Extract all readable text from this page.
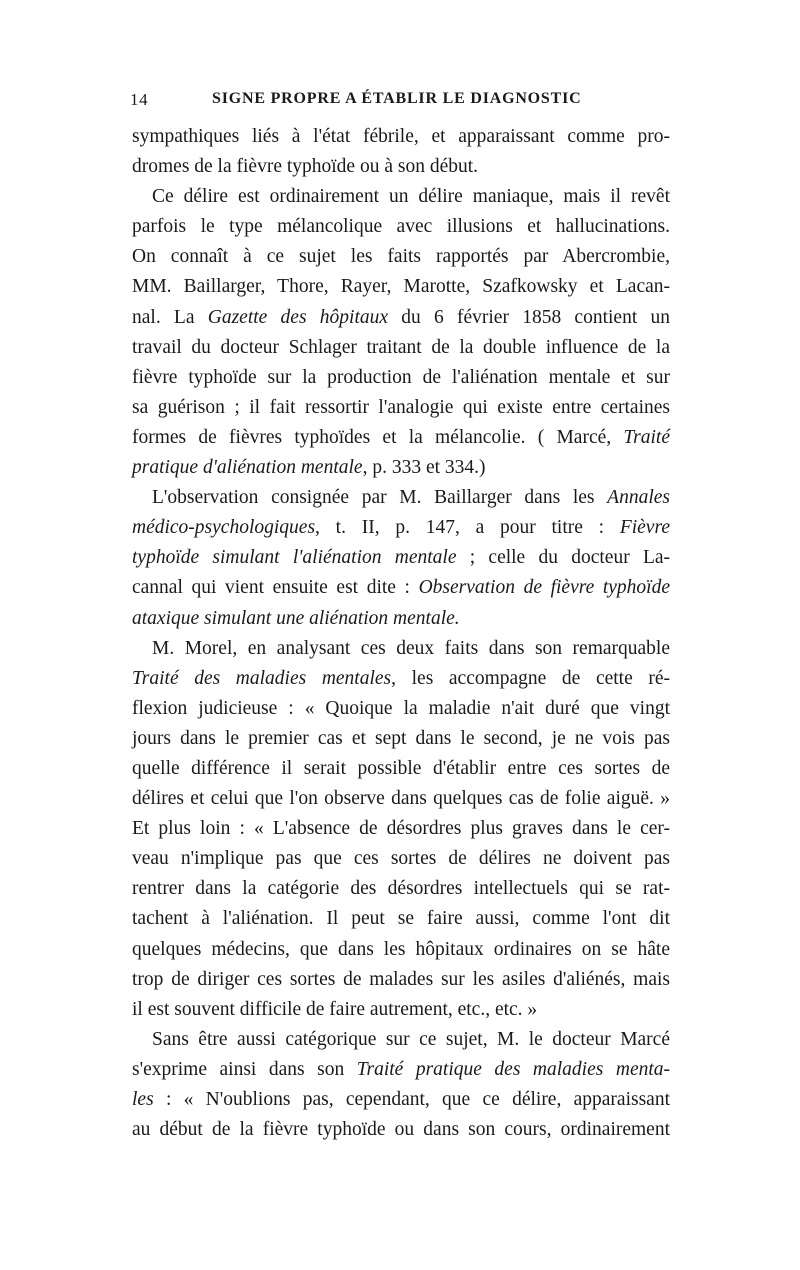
14	SIGNE PROPRE A ÉTABLIR LE DIAGNOSTIC
sympathiques liés à l'état fébrile, et apparaissant comme pro-
dromes de la fièvre typhoïde ou à son début.
Ce délire est ordinairement un délire maniaque, mais il revêt
parfois le type mélancolique avec illusions et hallucinations.
On connaît à ce sujet les faits rapportés par Abercrombie,
MM. Baillarger, Thore, Rayer, Marotte, Szafkowsky et Lacan-
nal. La Gazette des hôpitaux du 6 février 1858 contient un
travail du docteur Schlager traitant de la double influence de la
fièvre typhoïde sur la production de l'aliénation mentale et sur
sa guérison ; il fait ressortir l'analogie qui existe entre certaines
formes de fièvres typhoïdes et la mélancolie. ( Marcé, Traité
pratique d'aliénation mentale, p. 333 et 334.)
L'observation consignée par M. Baillarger dans les Annales
médico-psychologiques, t. II, p. 147, a pour titre : Fièvre
typhoïde simulant l'aliénation mentale ; celle du docteur La-
cannal qui vient ensuite est dite : Observation de fièvre typhoïde
ataxique simulant une aliénation mentale.
M. Morel, en analysant ces deux faits dans son remarquable
Traité des maladies mentales, les accompagne de cette ré-
flexion judicieuse : « Quoique la maladie n'ait duré que vingt
jours dans le premier cas et sept dans le second, je ne vois pas
quelle différence il serait possible d'établir entre ces sortes de
délires et celui que l'on observe dans quelques cas de folie aiguë. »
Et plus loin : « L'absence de désordres plus graves dans le cer-
veau n'implique pas que ces sortes de délires ne doivent pas
rentrer dans la catégorie des désordres intellectuels qui se rat-
tachent à l'aliénation. Il peut se faire aussi, comme l'ont dit
quelques médecins, que dans les hôpitaux ordinaires on se hâte
trop de diriger ces sortes de malades sur les asiles d'aliénés, mais
il est souvent difficile de faire autrement, etc., etc. »
Sans être aussi catégorique sur ce sujet, M. le docteur Marcé
s'exprime ainsi dans son Traité pratique des maladies menta-
les : « N'oublions pas, cependant, que ce délire, apparaissant
au début de la fièvre typhoïde ou dans son cours, ordinairement
